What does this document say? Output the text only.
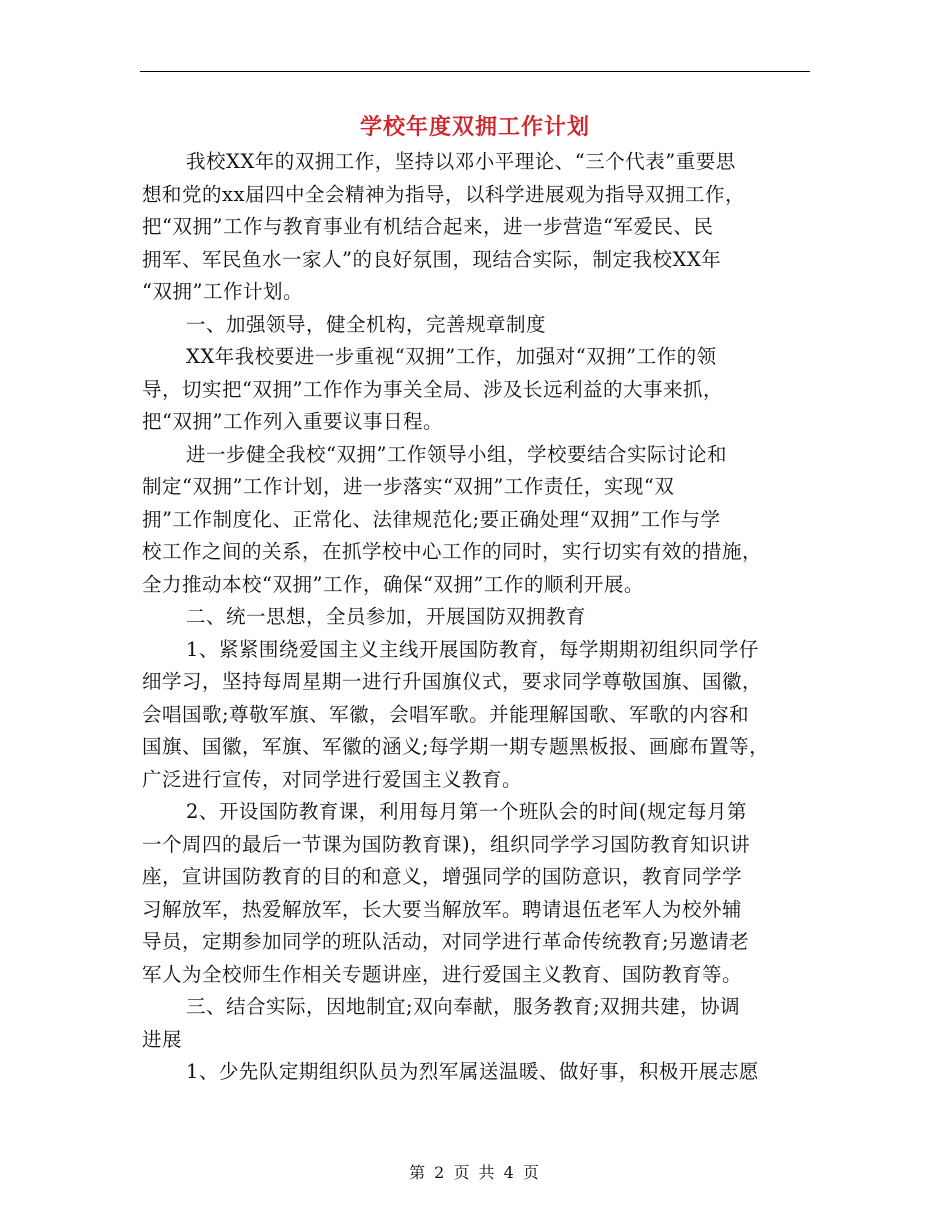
学校年度双拥工作计划
我校XX年的双拥工作，坚持以邓小平理论、“三个代表”重要思
想和党的xx届四中全会精神为指导，以科学进展观为指导双拥工作，
把“双拥”工作与教育事业有机结合起来，进一步营造“军爱民、民
拥军、军民鱼水一家人”的良好氛围，现结合实际，制定我校XX年
“双拥”工作计划。
一、加强领导，健全机构，完善规章制度
XX年我校要进一步重视“双拥”工作，加强对“双拥”工作的领
导，切实把“双拥”工作作为事关全局、涉及长远利益的大事来抓，
把“双拥”工作列入重要议事日程。
进一步健全我校“双拥”工作领导小组，学校要结合实际讨论和
制定“双拥”工作计划，进一步落实“双拥”工作责任，实现“双
拥”工作制度化、正常化、法律规范化;要正确处理“双拥”工作与学
校工作之间的关系，在抓学校中心工作的同时，实行切实有效的措施，
全力推动本校“双拥”工作，确保“双拥”工作的顺利开展。
二、统一思想，全员参加，开展国防双拥教育
1、紧紧围绕爱国主义主线开展国防教育，每学期期初组织同学仔
细学习，坚持每周星期一进行升国旗仪式，要求同学尊敬国旗、国徽，
会唱国歌;尊敬军旗、军徽，会唱军歌。并能理解国歌、军歌的内容和
国旗、国徽，军旗、军徽的涵义;每学期一期专题黑板报、画廊布置等，
广泛进行宣传，对同学进行爱国主义教育。
2、开设国防教育课，利用每月第一个班队会的时间(规定每月第
一个周四的最后一节课为国防教育课)，组织同学学习国防教育知识讲
座，宣讲国防教育的目的和意义，增强同学的国防意识，教育同学学
习解放军，热爱解放军，长大要当解放军。聘请退伍老军人为校外辅
导员，定期参加同学的班队活动，对同学进行革命传统教育;另邀请老
军人为全校师生作相关专题讲座，进行爱国主义教育、国防教育等。
三、结合实际，因地制宜;双向奉献，服务教育;双拥共建，协调
进展
第 2 页 共 4 页
1、少先队定期组织队员为烈军属送温暖、做好事，积极开展志愿
